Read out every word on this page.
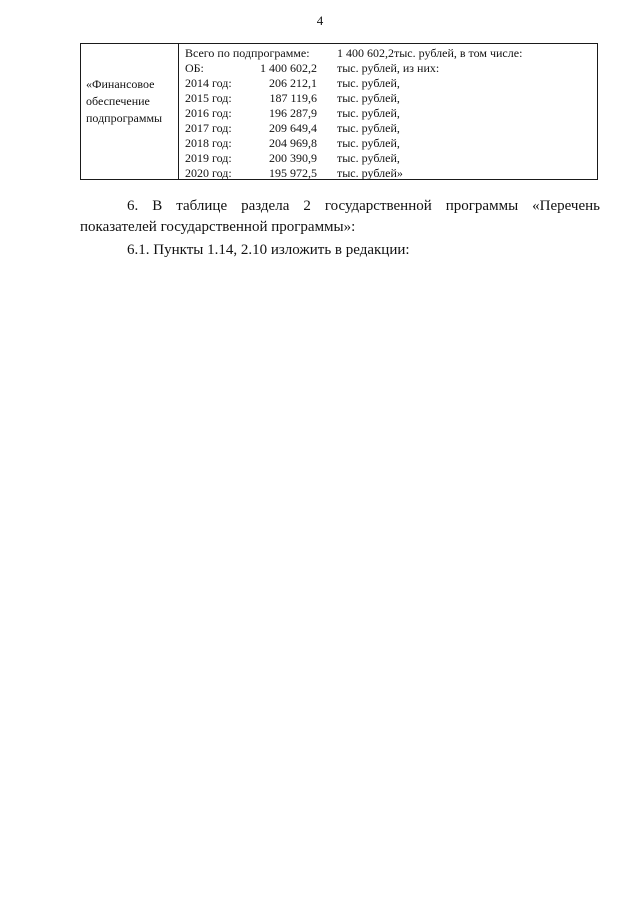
4
«Финансовое обеспечение подпрограммы
Всего по подпрограмме: 1 400 602,2тыс. рублей, в том числе:
ОБ:	1 400 602,2 тыс. рублей, из них:
2014 год:	206 212,1 тыс. рублей,
2015 год:	187 119,6 тыс. рублей,
2016 год:	196 287,9 тыс. рублей,
2017 год:	209 649,4 тыс. рублей,
2018 год:	204 969,8 тыс. рублей,
2019 год:	200 390,9 тыс. рублей,
2020 год:	195 972,5 тыс. рублей»
6. В таблице раздела 2 государственной программы «Перечень показателей государственной программы»:
6.1. Пункты 1.14, 2.10 изложить в редакции:
